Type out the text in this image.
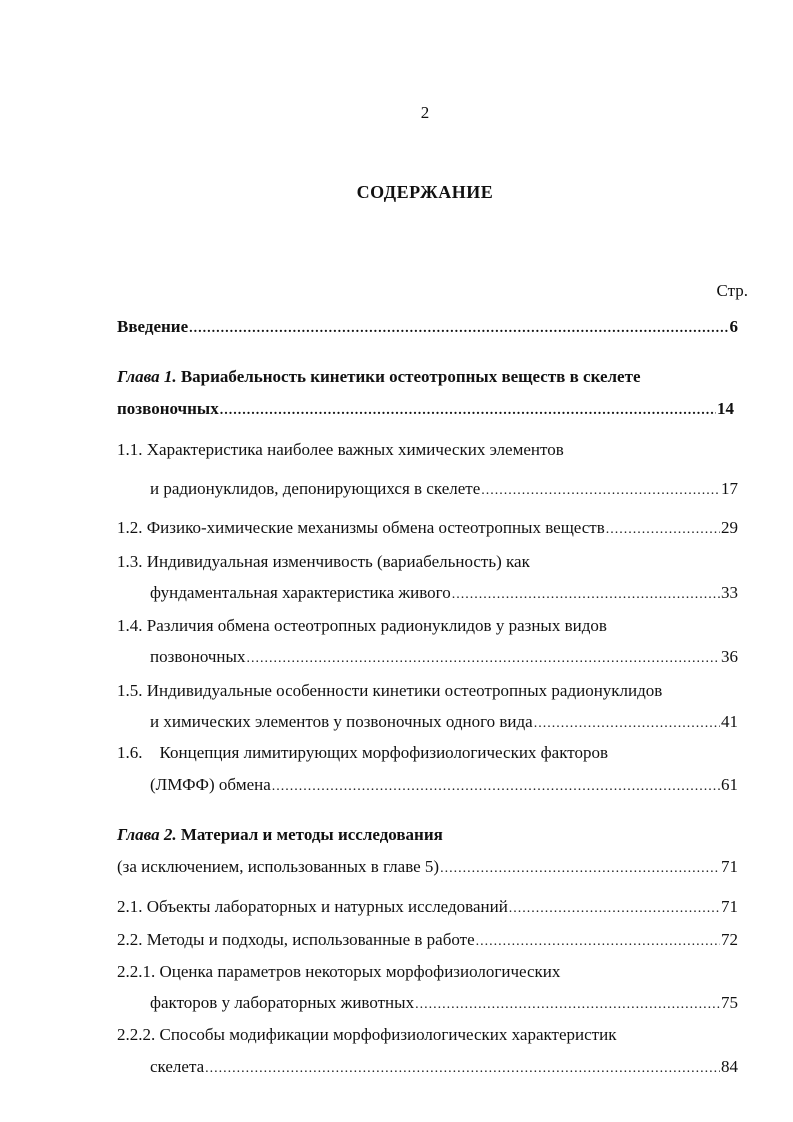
2
СОДЕРЖАНИЕ
Стр.
Введение .....	6
Глава 1.
Вариабельность кинетики остеотропных веществ в скелете
позвоночных .....	14
1.1. Характеристика наиболее важных химических элементов
и радионуклидов, депонирующихся в скелете .....	17
1.2. Физико-химические механизмы обмена остеотропных веществ .....	29
1.3. Индивидуальная изменчивость (вариабельность) как
фундаментальная характеристика живого .....	33
1.4. Различия обмена остеотропных радионуклидов у разных видов
позвоночных .....	36
1.5. Индивидуальные особенности кинетики остеотропных радионуклидов
и химических элементов у позвоночных одного вида .....	41
1.6.    Концепция лимитирующих морфофизиологических факторов
(ЛМФФ) обмена .....	61
Глава 2.
Материал и методы исследования
(за исключением, использованных в главе 5) .....	71
2.1. Объекты лабораторных и натурных исследований .....	71
2.2. Методы и подходы, использованные в работе .....	72
2.2.1. Оценка параметров некоторых морфофизиологических
факторов у лабораторных животных .....	75
2.2.2. Способы модификации морфофизиологических характеристик
скелета .....	84
